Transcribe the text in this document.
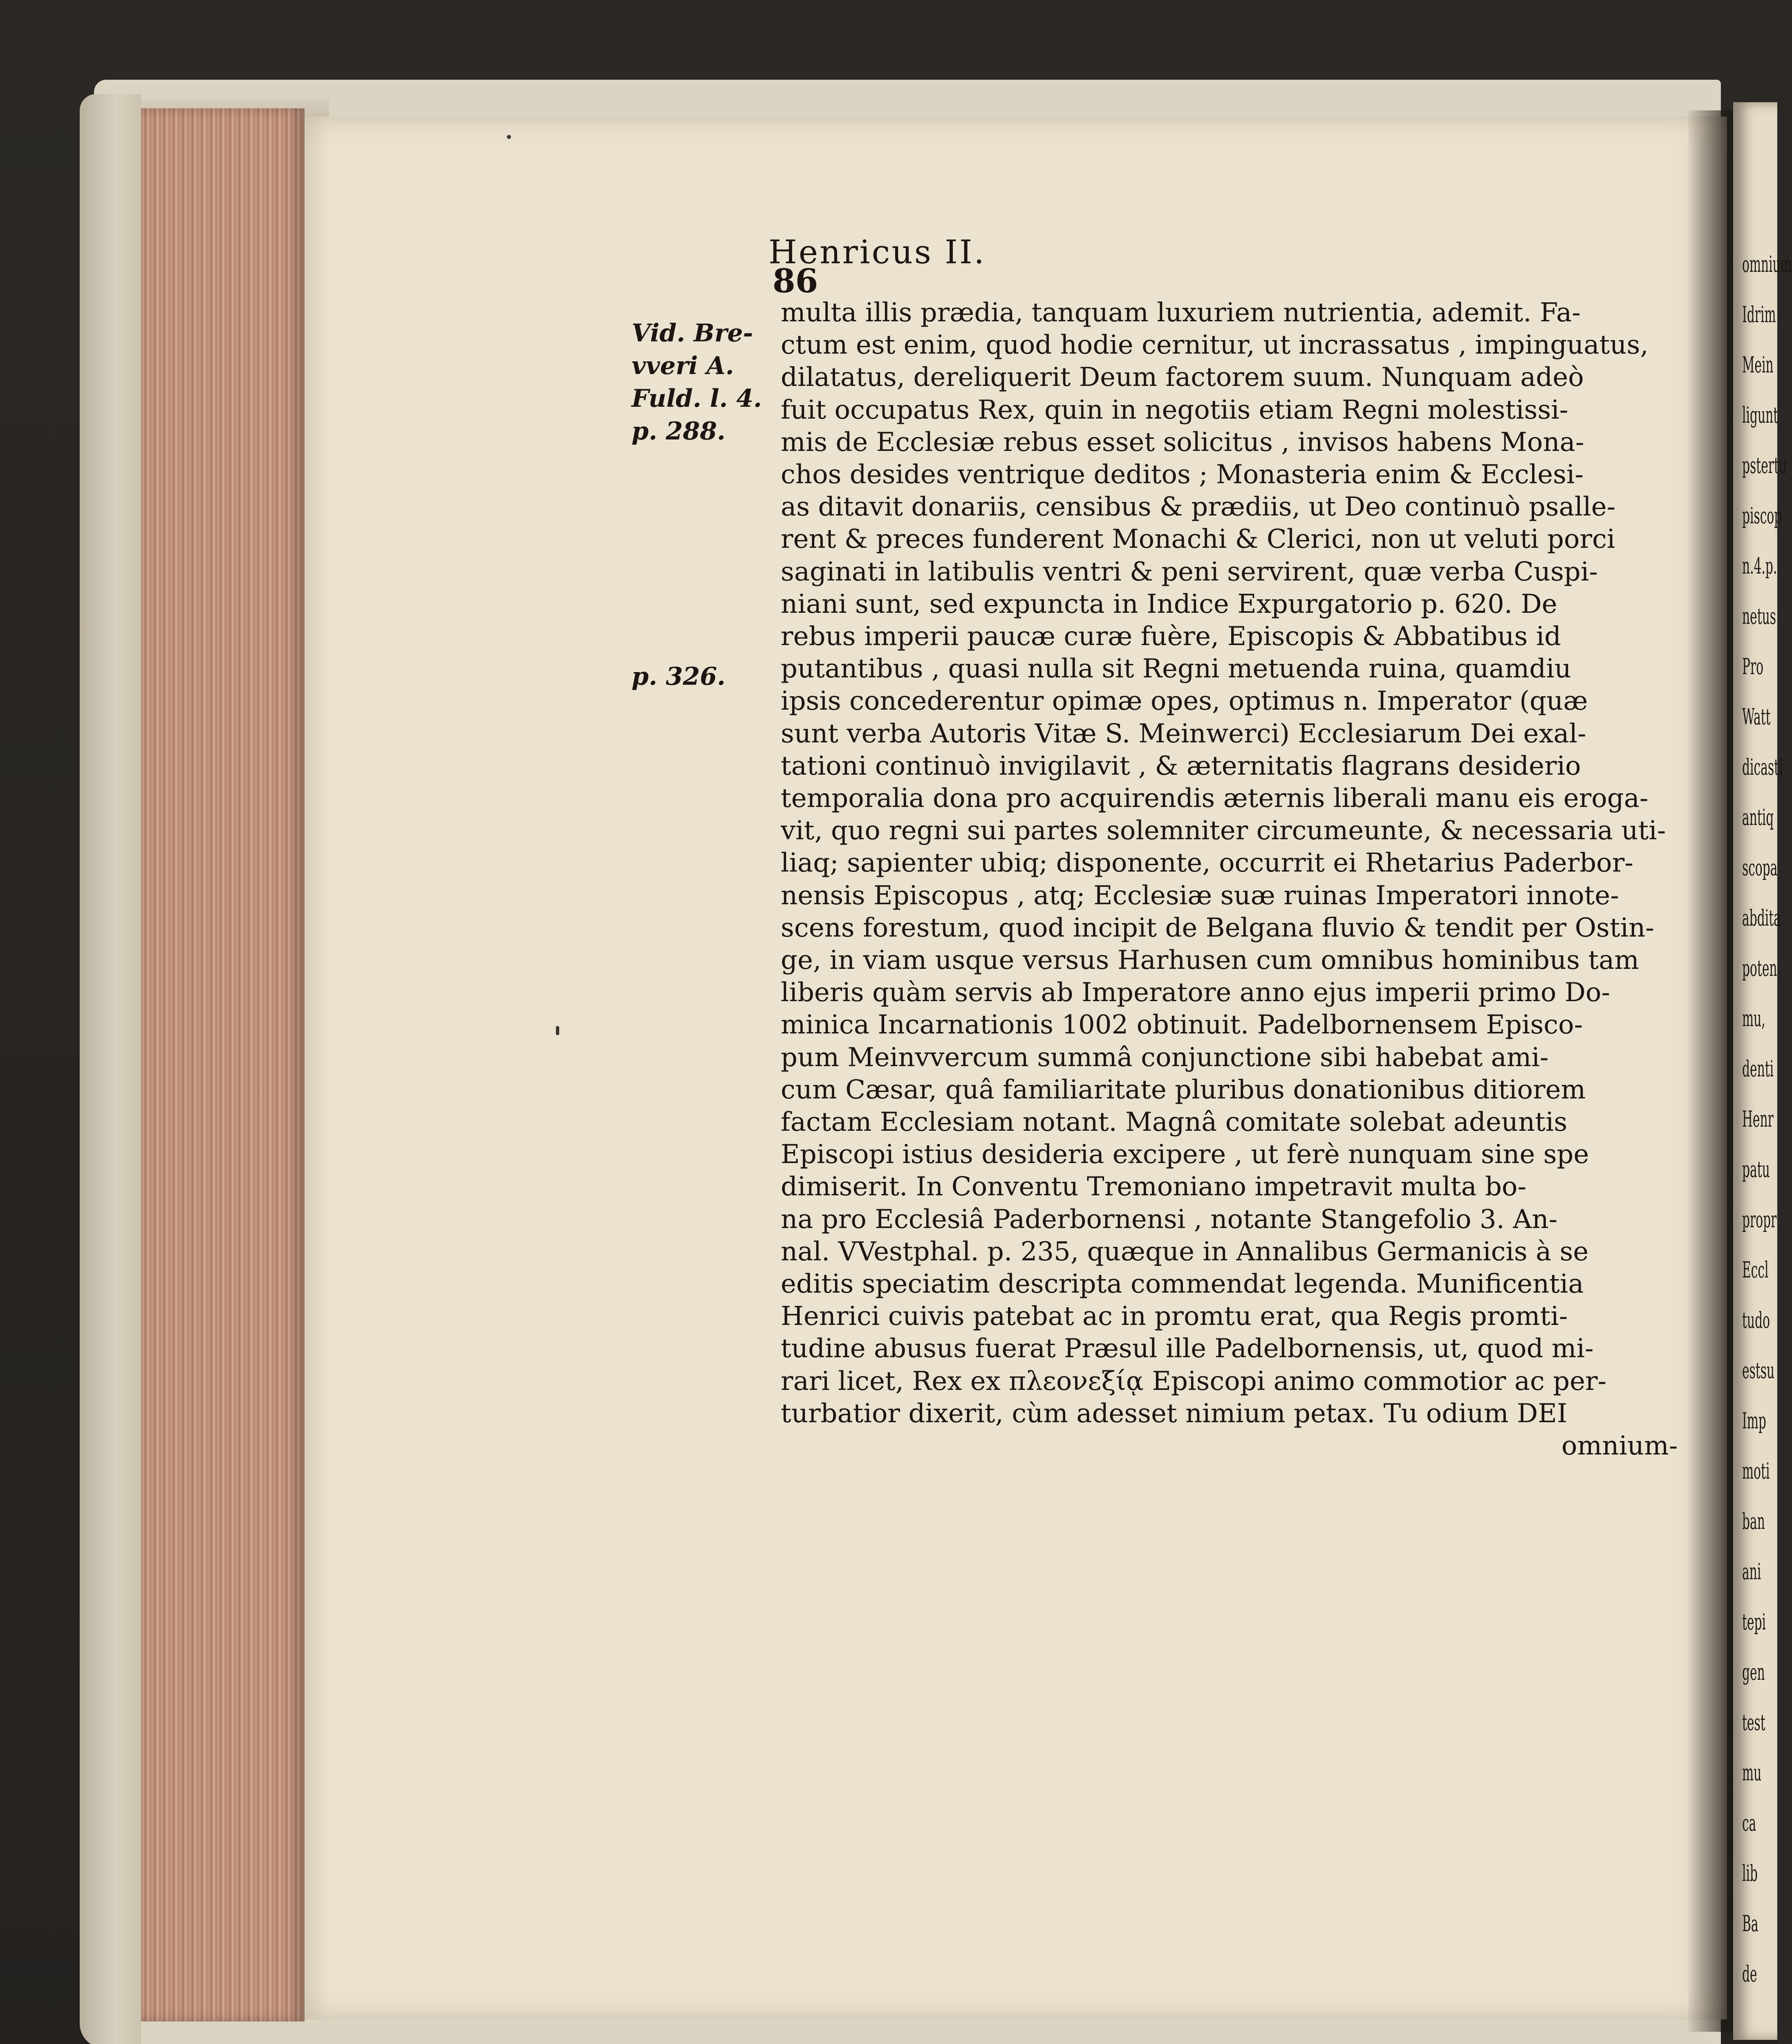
Henricus II.
86
Vid. Bre-
vveri A.
Fuld. l. 4.
p. 288.
p. 326.
multa illis prædia, tanquam luxuriem nutrientia, ademit. Fa-
ctum est enim, quod hodie cernitur, ut incrassatus , impinguatus,
dilatatus, dereliquerit Deum factorem suum. Nunquam adeò
fuit occupatus Rex, quin in negotiis etiam Regni molestissi-
mis de Ecclesiæ rebus esset solicitus , invisos habens Mona-
chos desides ventrique deditos ; Monasteria enim & Ecclesi-
as ditavit donariis, censibus & prædiis, ut Deo continuò psalle-
rent & preces funderent Monachi & Clerici, non ut veluti porci
saginati in latibulis ventri & peni servirent, quæ verba Cuspi-
niani sunt, sed expuncta in Indice Expurgatorio p. 620. De
rebus imperii paucæ curæ fuère, Episcopis & Abbatibus id
putantibus , quasi nulla sit Regni metuenda ruina, quamdiu
ipsis concederentur opimæ opes, optimus n. Imperator (quæ
sunt verba Autoris Vitæ S. Meinwerci) Ecclesiarum Dei exal-
tationi continuò invigilavit , & æternitatis flagrans desiderio
temporalia dona pro acquirendis æternis liberali manu eis eroga-
vit, quo regni sui partes solemniter circumeunte, & necessaria uti-
liaq; sapienter ubiq; disponente, occurrit ei Rhetarius Paderbor-
nensis Episcopus , atq; Ecclesiæ suæ ruinas Imperatori innote-
scens forestum, quod incipit de Belgana fluvio & tendit per Ostin-
ge, in viam usque versus Harhusen cum omnibus hominibus tam
liberis quàm servis ab Imperatore anno ejus imperii primo Do-
minica Incarnationis 1002 obtinuit. Padelbornensem Episco-
pum Meinvvercum summâ conjunctione sibi habebat ami-
cum Cæsar, quâ familiaritate pluribus donationibus ditiorem
factam Ecclesiam notant. Magnâ comitate solebat adeuntis
Episcopi istius desideria excipere , ut ferè nunquam sine spe
dimiserit. In Conventu Tremoniano impetravit multa bo-
na pro Ecclesiâ Paderbornensi , notante Stangefolio 3. An-
nal. VVestphal. p. 235, quæque in Annalibus Germanicis à se
editis speciatim descripta commendat legenda. Munificentia
Henrici cuivis patebat ac in promtu erat, qua Regis promti-
tudine abusus fuerat Præsul ille Padelbornensis, ut, quod mi-
rari licet, Rex ex πλεονεξίᾳ Episcopi animo commotior ac per-
turbatior dixerit, cùm adesset nimium petax. Tu odium DEI
omnium-
omnium
Idrim
Mein
ligunt
pstertu
piscop
n.4.p.
netus
Pro
Watt
dicasti
antiq
scopa
abdita
poten
mu,
denti
Henr
patu
propr
Eccl
tudo
estsu
Imp
moti
ban
ani
tepi
gen
test
mu
ca
lib
Ba
de
